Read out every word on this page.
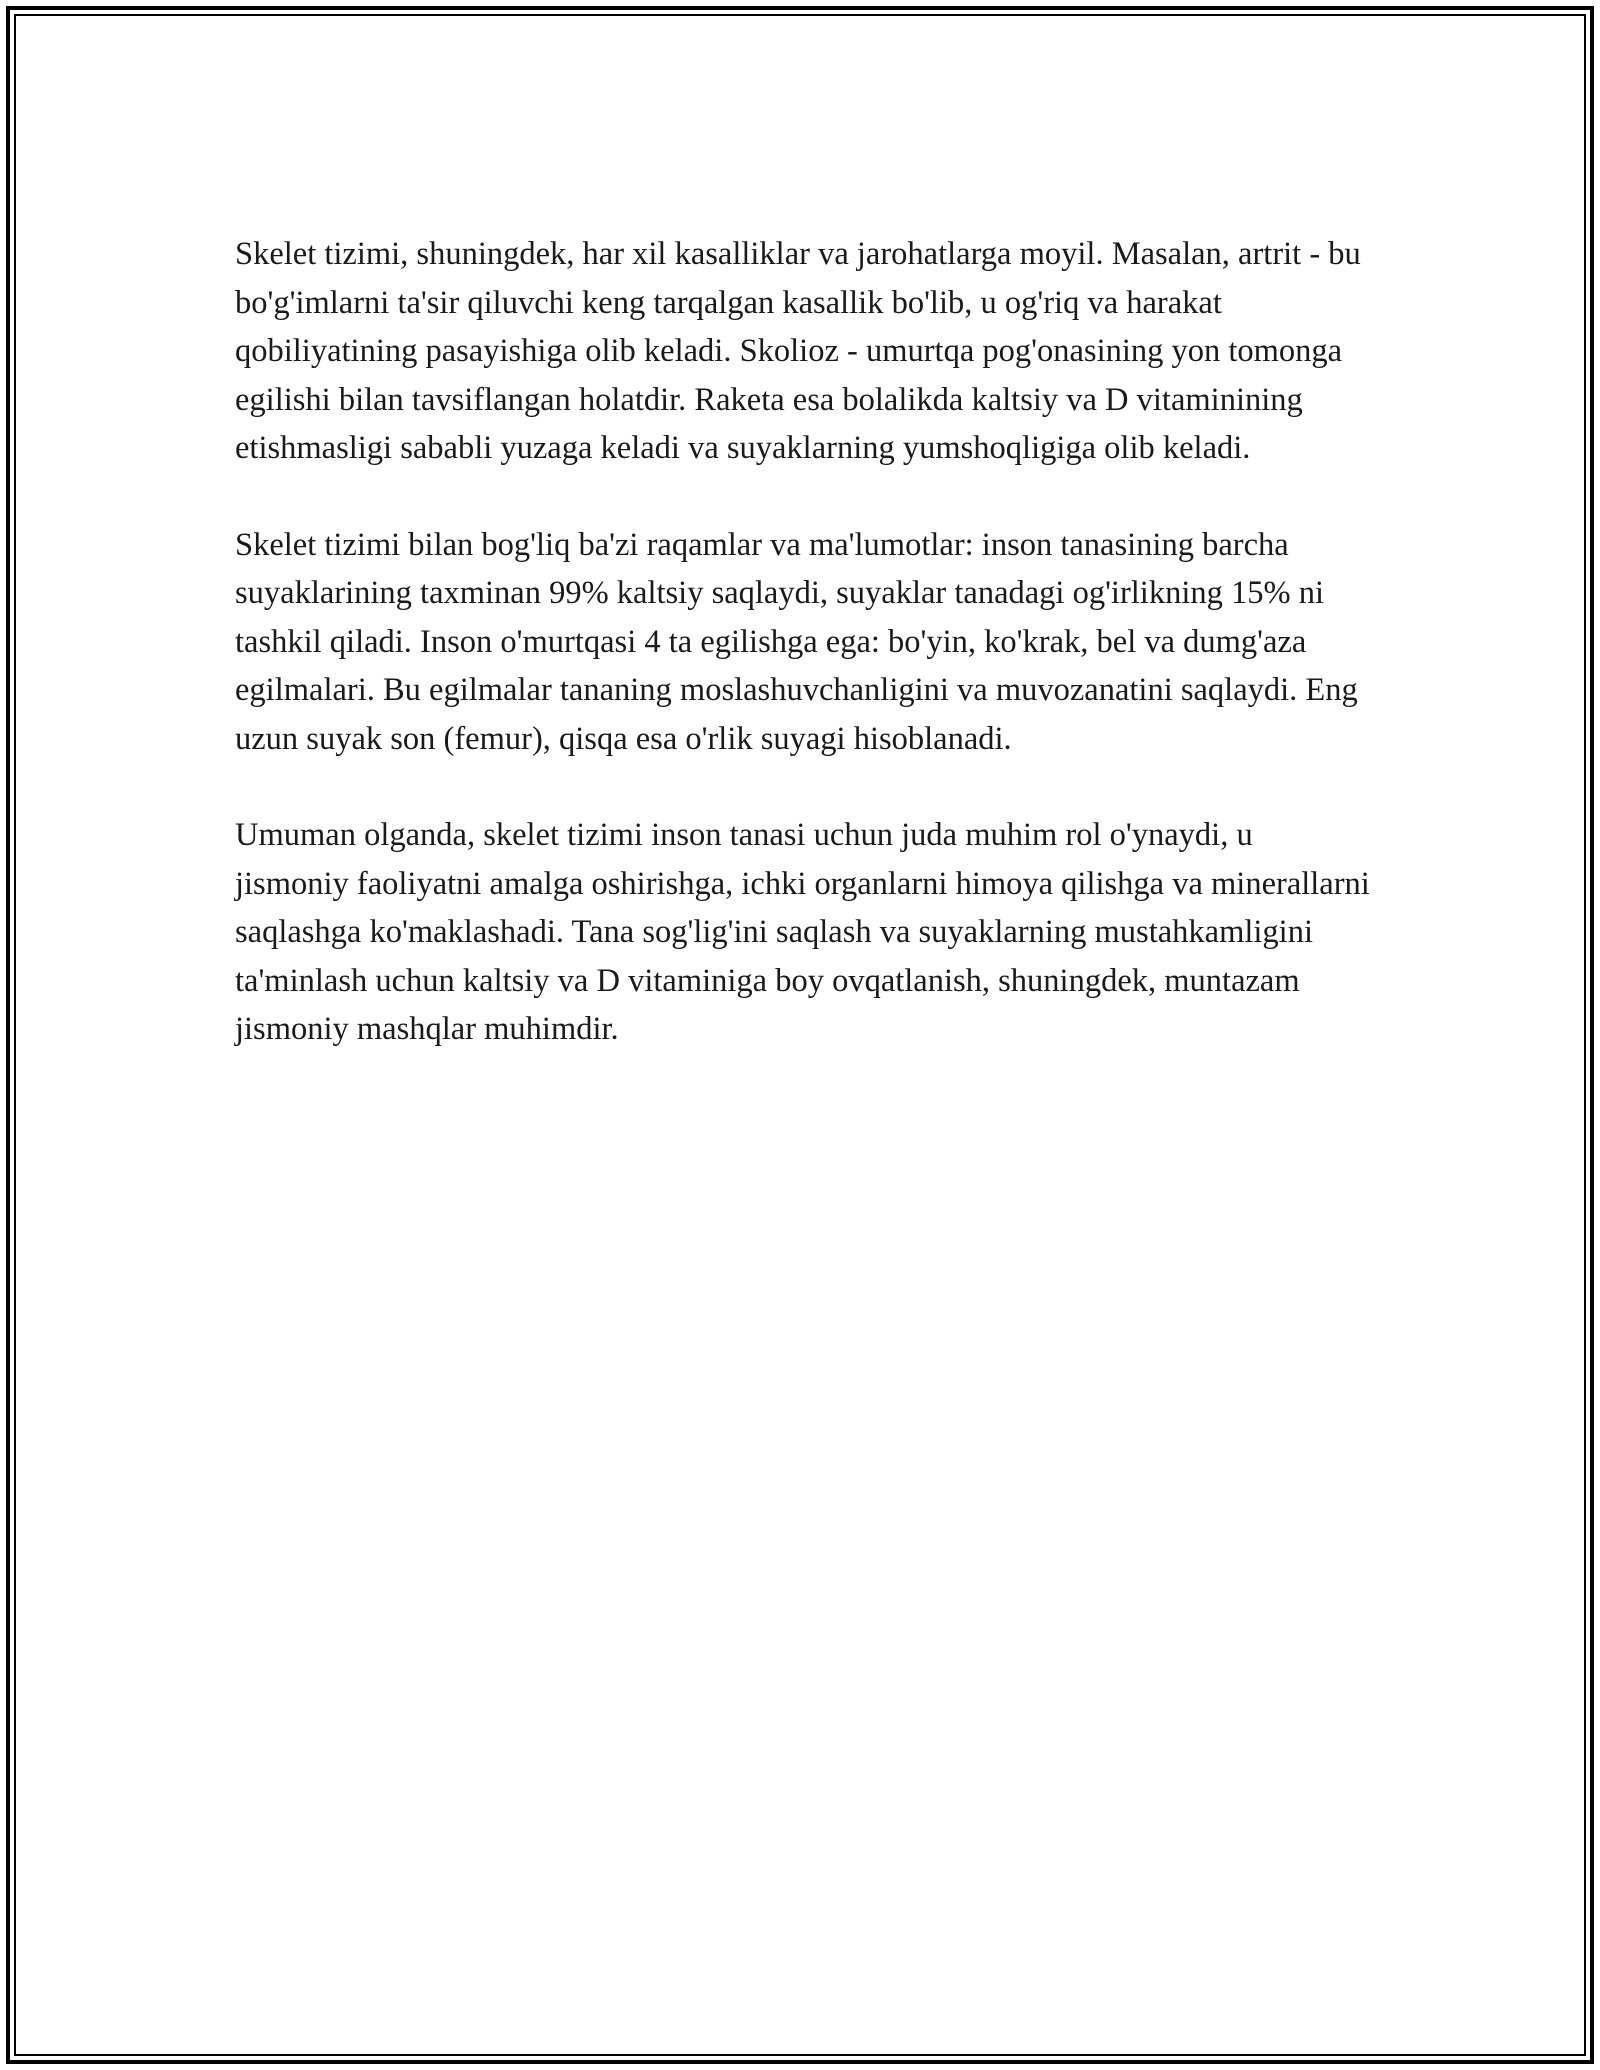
Skelet tizimi, shuningdek, har xil kasalliklar va jarohatlarga moyil. Masalan, artrit - bu bo'g'imlarni ta'sir qiluvchi keng tarqalgan kasallik bo'lib, u og'riq va harakat qobiliyatining pasayishiga olib keladi. Skolioz - umurtqa pog'onasining yon tomonga egilishi bilan tavsiflangan holatdir. Raketa esa bolalikda kaltsiy va D vitaminining etishmasligi sababli yuzaga keladi va suyaklarning yumshoqligiga olib keladi.

Skelet tizimi bilan bog'liq ba'zi raqamlar va ma'lumotlar: inson tanasining barcha suyaklarining taxminan 99% kaltsiy saqlaydi, suyaklar tanadagi og'irlikning 15% ni tashkil qiladi. Inson o'murtqasi 4 ta egilishga ega: bo'yin, ko'krak, bel va dumg'aza egilmalari. Bu egilmalar tananing moslashuvchanligini va muvozanatini saqlaydi. Eng uzun suyak son (femur), qisqa esa o'rlik suyagi hisoblanadi.

Umuman olganda, skelet tizimi inson tanasi uchun juda muhim rol o'ynaydi, u jismoniy faoliyatni amalga oshirishga, ichki organlarni himoya qilishga va minerallarni saqlashga ko'maklashadi. Tana sog'lig'ini saqlash va suyaklarning mustahkamligini ta'minlash uchun kaltsiy va D vitaminiga boy ovqatlanish, shuningdek, muntazam jismoniy mashqlar muhimdir.
